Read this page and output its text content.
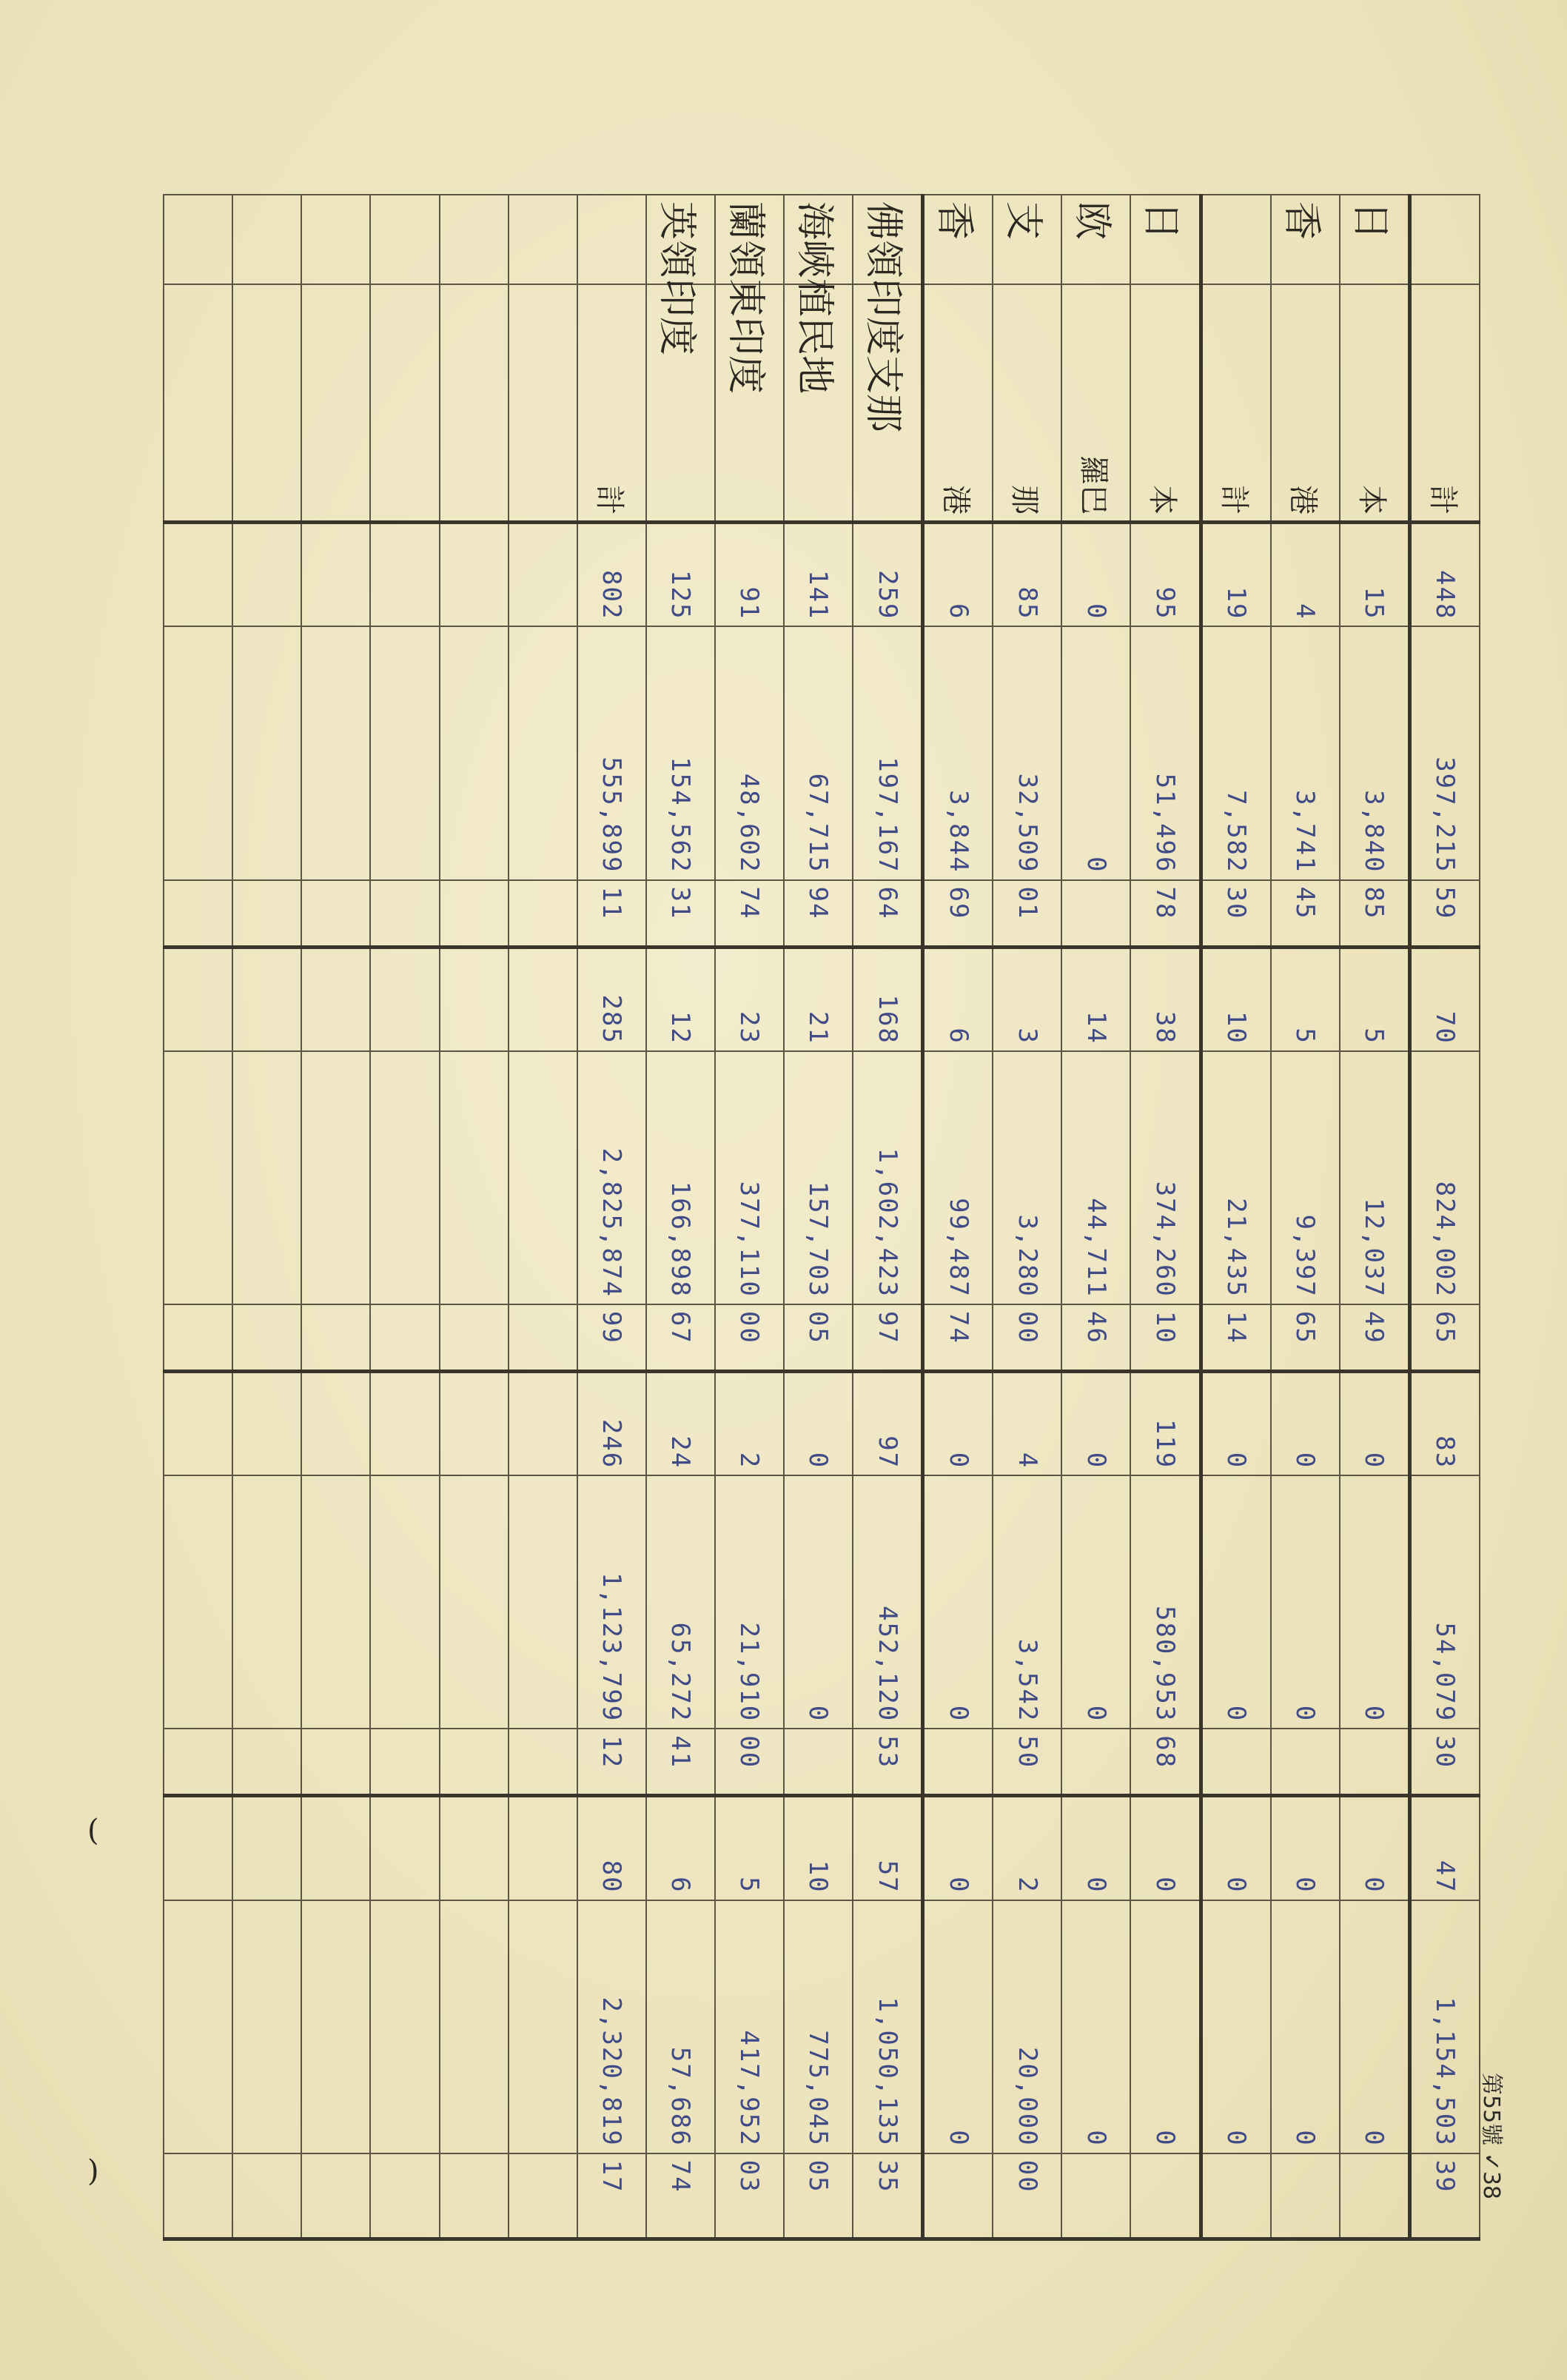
	計	448	397,215	59	70	824,002	65	83	54,079	30	47	1,154,503	39
日	本	15	3,840	85	5	12,037	49	0	0		0	0	
香	港	4	3,741	45	5	9,397	65	0	0		0	0	
	計	19	7,582	30	10	21,435	14	0	0		0	0	
日	本	95	51,496	78	38	374,260	10	119	580,953	68	0	0	
欧	羅巴	0	0		14	44,711	46	0	0		0	0	
支	那	85	32,509	01	3	3,280	00	4	3,542	50	2	20,000	00
香	港	6	3,844	69	6	99,487	74	0	0		0	0	
佛領印度支那		259	197,167	64	168	1,602,423	97	97	452,120	53	57	1,050,135	35
海峽植民地		141	67,715	94	21	157,703	05	0	0		10	775,045	05
蘭領東印度		91	48,602	74	23	377,110	00	2	21,910	00	5	417,952	03
英領印度		125	154,562	31	12	166,898	67	24	65,272	41	6	57,686	74
	計	802	555,899	11	285	2,825,874	99	246	1,123,799	12	80	2,320,819	17

														第55號 ✓38
(
)
